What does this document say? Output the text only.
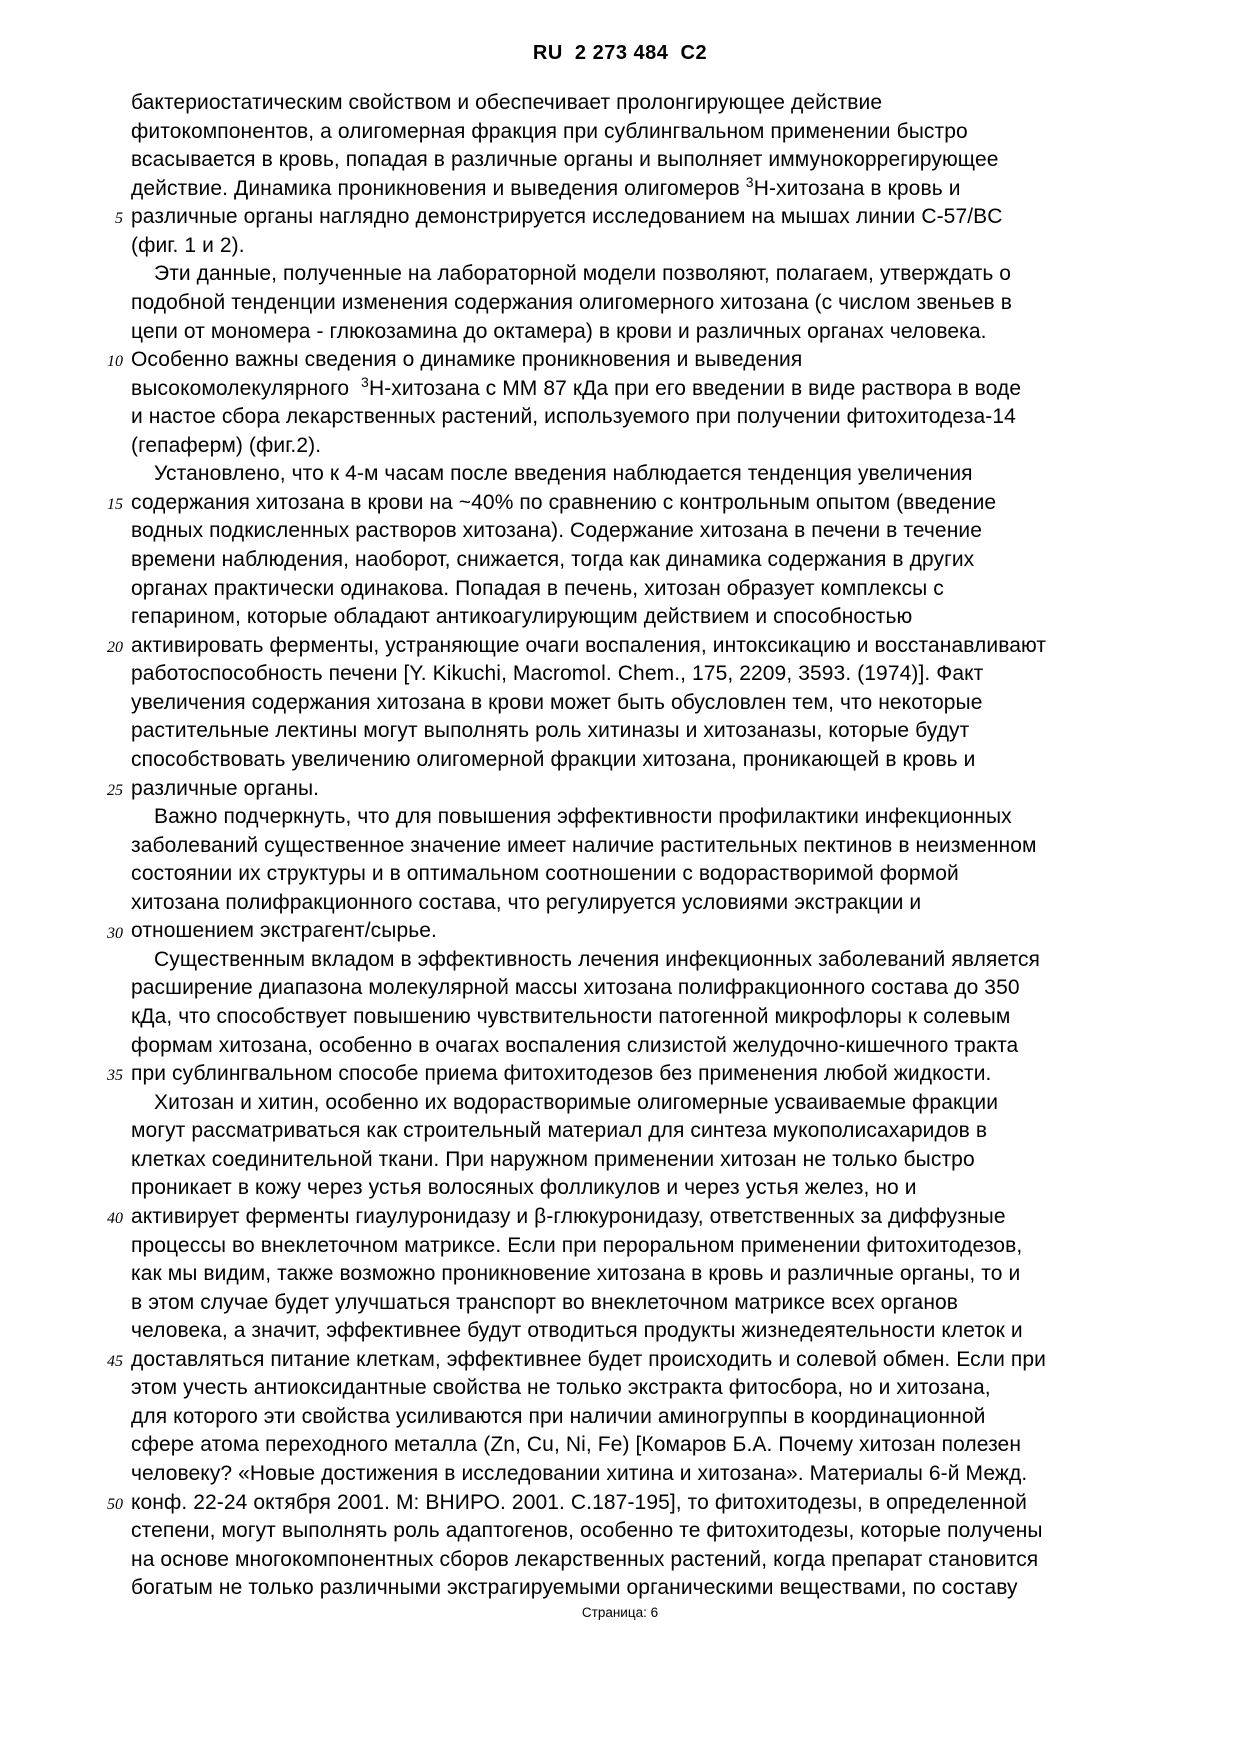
RU  2 273 484  C2
5
10
15
20
25
30
35
40
45
50
бактериостатическим свойством и обеспечивает пролонгирующее действие
фитокомпонентов, а олигомерная фракция при сублингвальном применении быстро
всасывается в кровь, попадая в различные органы и выполняет иммунокоррегирующее
действие. Динамика проникновения и выведения олигомеров 3H-хитозана в кровь и
различные органы наглядно демонстрируется исследованием на мышах линии C-57/BC
(фиг. 1 и 2).
Эти данные, полученные на лабораторной модели позволяют, полагаем, утверждать о
подобной тенденции изменения содержания олигомерного хитозана (с числом звеньев в
цепи от мономера - глюкозамина до октамера) в крови и различных органах человека.
Особенно важны сведения о динамике проникновения и выведения
высокомолекулярного  3H-хитозана с ММ 87 кДа при его введении в виде раствора в воде
и настое сбора лекарственных растений, используемого при получении фитохитодеза-14
(гепаферм) (фиг.2).
Установлено, что к 4-м часам после введения наблюдается тенденция увеличения
содержания хитозана в крови на ~40% по сравнению с контрольным опытом (введение
водных подкисленных растворов хитозана). Содержание хитозана в печени в течение
времени наблюдения, наоборот, снижается, тогда как динамика содержания в других
органах практически одинакова. Попадая в печень, хитозан образует комплексы с
гепарином, которые обладают антикоагулирующим действием и способностью
активировать ферменты, устраняющие очаги воспаления, интоксикацию и восстанавливают
работоспособность печени [Y. Kikuchi, Macromol. Chem., 175, 2209, 3593. (1974)]. Факт
увеличения содержания хитозана в крови может быть обусловлен тем, что некоторые
растительные лектины могут выполнять роль хитиназы и хитозаназы, которые будут
способствовать увеличению олигомерной фракции хитозана, проникающей в кровь и
различные органы.
Важно подчеркнуть, что для повышения эффективности профилактики инфекционных
заболеваний существенное значение имеет наличие растительных пектинов в неизменном
состоянии их структуры и в оптимальном соотношении с водорастворимой формой
хитозана полифракционного состава, что регулируется условиями экстракции и
отношением экстрагент/сырье.
Существенным вкладом в эффективность лечения инфекционных заболеваний является
расширение диапазона молекулярной массы хитозана полифракционного состава до 350
кДа, что способствует повышению чувствительности патогенной микрофлоры к солевым
формам хитозана, особенно в очагах воспаления слизистой желудочно-кишечного тракта
при сублингвальном способе приема фитохитодезов без применения любой жидкости.
Хитозан и хитин, особенно их водорастворимые олигомерные усваиваемые фракции
могут рассматриваться как строительный материал для синтеза мукополисахаридов в
клетках соединительной ткани. При наружном применении хитозан не только быстро
проникает в кожу через устья волосяных фолликулов и через устья желез, но и
активирует ферменты гиаулуронидазу и β-глюкуронидазу, ответственных за диффузные
процессы во внеклеточном матриксе. Если при пероральном применении фитохитодезов,
как мы видим, также возможно проникновение хитозана в кровь и различные органы, то и
в этом случае будет улучшаться транспорт во внеклеточном матриксе всех органов
человека, а значит, эффективнее будут отводиться продукты жизнедеятельности клеток и
доставляться питание клеткам, эффективнее будет происходить и солевой обмен. Если при
этом учесть антиоксидантные свойства не только экстракта фитосбора, но и хитозана,
для которого эти свойства усиливаются при наличии аминогруппы в координационной
сфере атома переходного металла (Zn, Cu, Ni, Fe) [Комаров Б.А. Почему хитозан полезен
человеку? «Новые достижения в исследовании хитина и хитозана». Материалы 6-й Межд.
конф. 22-24 октября 2001. М: ВНИРО. 2001. С.187-195], то фитохитодезы, в определенной
степени, могут выполнять роль адаптогенов, особенно те фитохитодезы, которые получены
на основе многокомпонентных сборов лекарственных растений, когда препарат становится
богатым не только различными экстрагируемыми органическими веществами, по составу
Страница: 6
